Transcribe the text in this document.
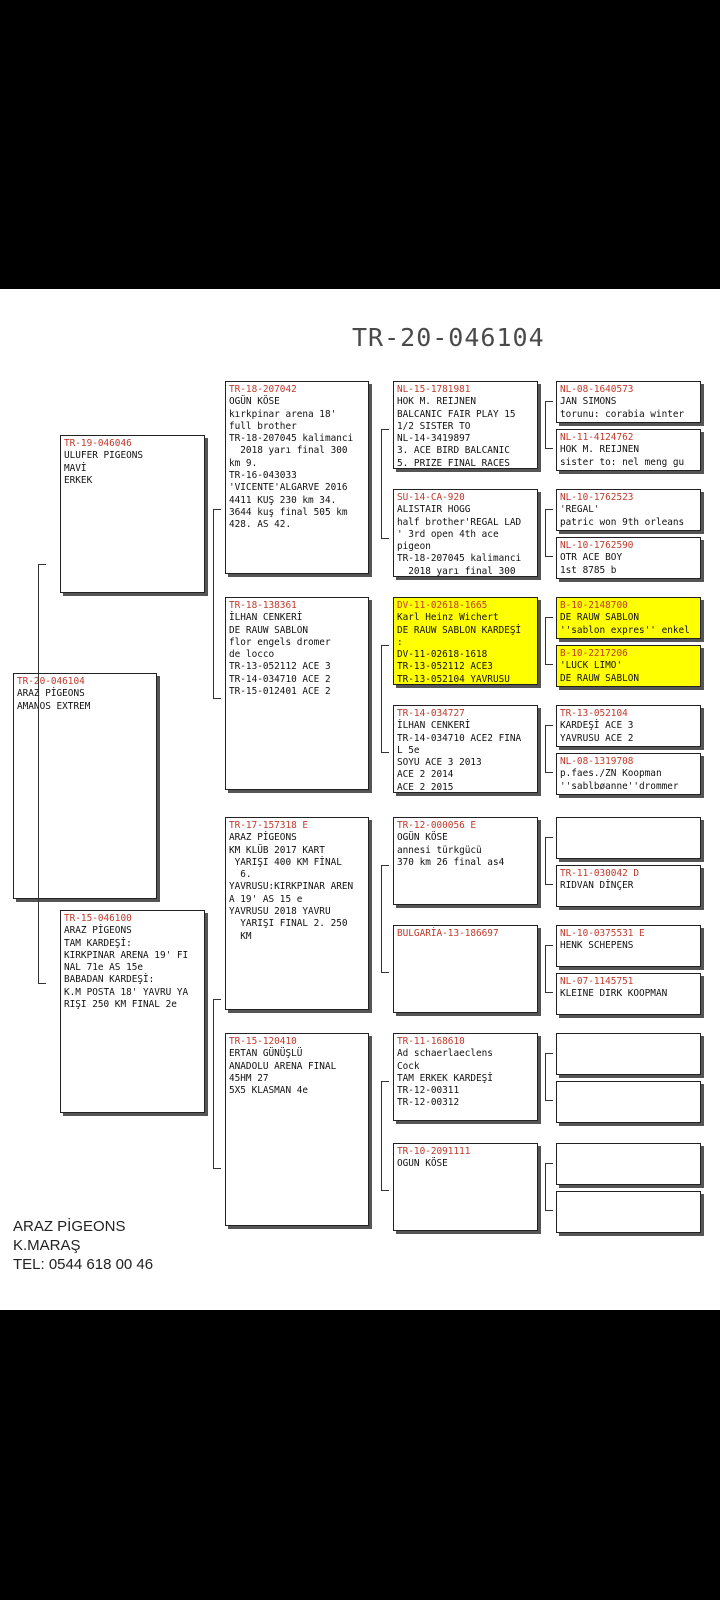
TR-20-046104
TR-20-046104
ARAZ PİGEONS
AMANOS EXTREM
TR-19-046046
ULUFER PIGEONS
MAVİ
ERKEK
TR-15-046100
ARAZ PİGEONS
TAM KARDEŞİ:
KIRKPINAR ARENA 19' FI
NAL 71e AS 15e
BABADAN KARDEŞİ:
K.M POSTA 18' YAVRU YA
RIŞI 250 KM FINAL 2e
TR-18-207042
OGÜN KÖSE
kırkpinar arena 18'
full brother
TR-18-207045 kalimanci
2018 yarı final 300
km 9.
TR-16-043033
'VICENTE'ALGARVE 2016
4411 KUŞ 230 km 34.
3644 kuş final 505 km
428. AS 42.
TR-18-138361
İLHAN CENKERİ
DE RAUW SABLON
flor engels dromer
de locco
TR-13-052112 ACE 3
TR-14-034710 ACE 2
TR-15-012401 ACE 2
TR-17-157318 E
ARAZ PİGEONS
KM KLÜB 2017 KART
YARIŞI 400 KM FİNAL
6.
YAVRUSU:KIRKPINAR AREN
A 19' AS 15 e
YAVRUSU 2018 YAVRU
YARIŞI FINAL 2. 250
KM
TR-15-120410
ERTAN GÜNÜŞLÜ
ANADOLU ARENA FINAL
45HM 27
5X5 KLASMAN 4e
NL-15-1781981
HOK M. REIJNEN
BALCANIC FAIR PLAY 15
1/2 SISTER TO
NL-14-3419897
3. ACE BIRD BALCANIC
5. PRIZE FINAL RACES
SU-14-CA-920
ALISTAIR HOGG
half brother'REGAL LAD
' 3rd open 4th ace
pigeon
TR-18-207045 kalimanci
2018 yarı final 300
DV-11-02618-1665
Karl Heinz Wichert
DE RAUW SABLON KARDEŞİ
:
DV-11-02618-1618
TR-13-052112 ACE3
TR-13-052104 YAVRUSU
TR-14-034727
İLHAN CENKERİ
TR-14-034710 ACE2 FINA
L 5e
SOYU ACE 3 2013
ACE 2 2014
ACE 2 2015
TR-12-000056 E
OGÜN KÖSE
annesi türkgücü
370 km 26 final as4
BULGARİA-13-186697
TR-11-168610
Ad schaerlaeclens
Cock
TAM ERKEK KARDEŞİ
TR-12-00311
TR-12-00312
TR-10-2091111
OGUN KÖSE
NL-08-1640573
JAN SIMONS
torunu: corabia winter
NL-11-4124762
HOK M. REIJNEN
sister to: nel meng gu
NL-10-1762523
'REGAL'
patric won 9th orleans
NL-10-1762590
OTR ACE BOY
1st 8785 b
B-10-2148700
DE RAUW SABLON
''sablon expres'' enkel
B-10-2217206
'LUCK LIMO'
DE RAUW SABLON
TR-13-052104
KARDEŞİ ACE 3
YAVRUSU ACE 2
NL-08-1319708
p.faes./ZN Koopman
''sablbøanne''drommer
TR-11-030042 D
RIDVAN DİNÇER
NL-10-0375531 E
HENK SCHEPENS
NL-07-1145751
KLEINE DIRK KOOPMAN
ARAZ PİGEONS
K.MARAŞ
TEL: 0544 618 00 46
